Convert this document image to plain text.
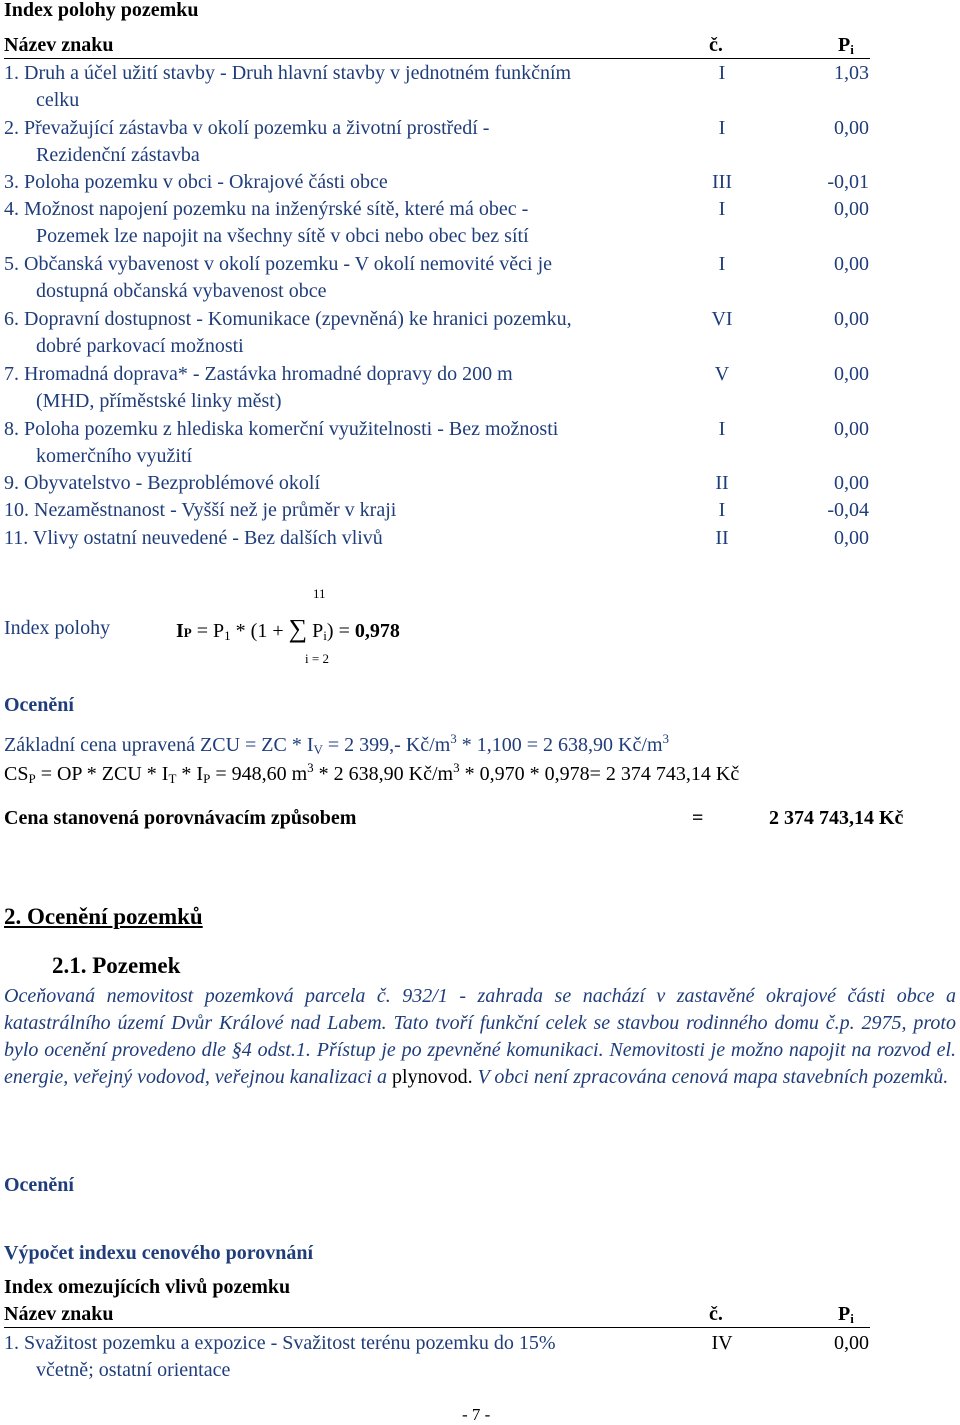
Index polohy pozemku
Název znaku	č.	$P_i$
1. Druh a účel užití stavby - Druh hlavní stavby v jednotném funkčním
celku
I	1,03
2. Převažující zástavba v okolí pozemku a životní prostředí -
Rezidenční zástavba
I	0,00
3. Poloha pozemku v obci - Okrajové části obce	III	-0,01
4. Možnost napojení pozemku na inženýrské sítě, které má obec -
Pozemek lze napojit na všechny sítě v obci nebo obec bez sítí
I	0,00
5. Občanská vybavenost v okolí pozemku - V okolí nemovité věci je
dostupná občanská vybavenost obce
I	0,00
6. Dopravní dostupnost - Komunikace (zpevněná) ke hranici pozemku,
dobré parkovací možnosti
VI	0,00
7. Hromadná doprava* - Zastávka hromadné dopravy do 200 m
(MHD, příměstské linky měst)
V	0,00
8. Poloha pozemku z hlediska komerční využitelnosti - Bez možnosti
komerčního využití
I	0,00
9. Obyvatelstvo - Bezproblémové okolí	II	0,00
10. Nezaměstnanost - Vyšší než je průměr v kraji	I	-0,04
11. Vlivy ostatní neuvedené - Bez dalších vlivů	II	0,00
Index polohy
11
i = 2
IP = $P_1 * (1$ + ∑ $P_i) = 0,978$
Ocenění
Základní cena upravená ZCU = ZC * $I_V = 2$ 399,- $Kč/m^3 * 1,100 = 2$ 638,90 $Kč/m^3$
$CS_P$ = OP * ZCU * $I_T * I_P = 948,60$ $m^3 * 2$ 638,90 $Kč/m^3 * 0,970 * 0,978= 2$ 374 743,14 Kč
Cena stanovená porovnávacím způsobem	=	2 374 743,14 Kč
2. Ocenění pozemků
2.1. Pozemek
Oceňovaná nemovitost pozemková parcela č. 932/1 - zahrada se nachází v zastavěné okrajové části obce a katastrálního území Dvůr Králové nad Labem. Tato tvoří funkční celek se stavbou rodinného domu č.p. 2975, proto bylo ocenění provedeno dle §4 odst.1. Přístup je po zpevněné komunikaci. Nemovitosti je možno napojit na rozvod el. energie, veřejný vodovod, veřejnou kanalizaci a plynovod. V obci není zpracována cenová mapa stavebních pozemků.
Ocenění
Výpočet indexu cenového porovnání
Index omezujících vlivů pozemku
Název znaku	č.	$P_i$
1. Svažitost pozemku a expozice - Svažitost terénu pozemku do 15%
včetně; ostatní orientace
IV	0,00
- 7 -
